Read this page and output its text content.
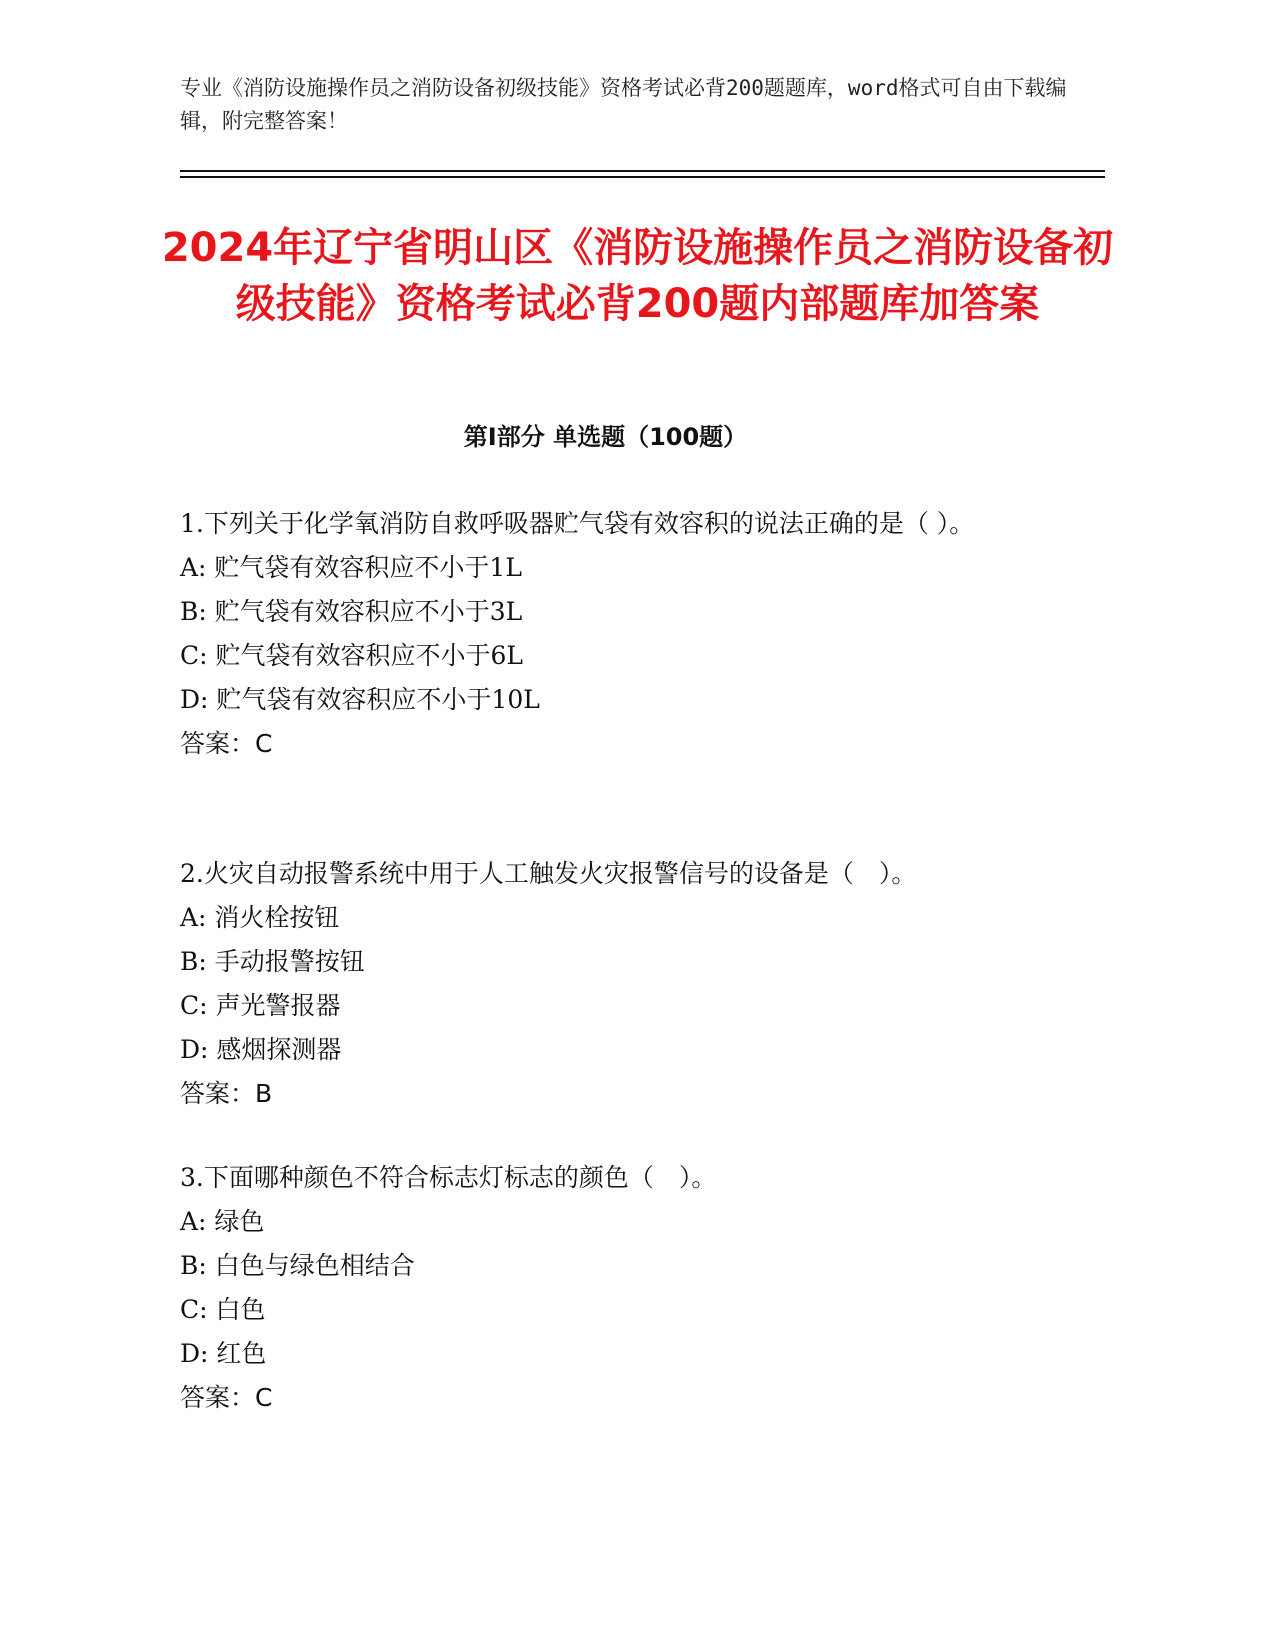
专业《消防设施操作员之消防设备初级技能》资格考试必背200题题库，word格式可自由下载编辑，附完整答案！
2024年辽宁省明山区《消防设施操作员之消防设备初级技能》资格考试必背200题内部题库加答案
第I部分 单选题（100题）

1.下列关于化学氧消防自救呼吸器贮气袋有效容积的说法正确的是（ ）。

A: 贮气袋有效容积应不小于1L

B: 贮气袋有效容积应不小于3L

C: 贮气袋有效容积应不小于6L

D: 贮气袋有效容积应不小于10L

答案：C

2.火灾自动报警系统中用于人工触发火灾报警信号的设备是（　）。

A: 消火栓按钮

B: 手动报警按钮

C: 声光警报器

D: 感烟探测器

答案：B

3.下面哪种颜色不符合标志灯标志的颜色（　）。

A: 绿色

B: 白色与绿色相结合

C: 白色

D: 红色

答案：C
